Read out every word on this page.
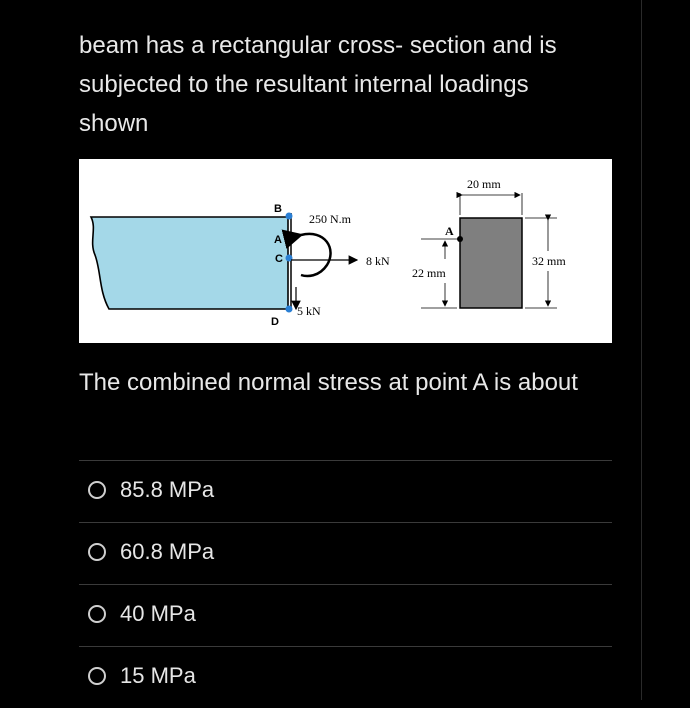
beam has a rectangular cross- section and is
subjected to the resultant internal loadings
shown
B
A
C
D
250 N.m
8 kN
5 kN
A
20 mm
32 mm
22 mm
The combined normal stress at point A is about
85.8 MPa
60.8 MPa
40 MPa
15 MPa
